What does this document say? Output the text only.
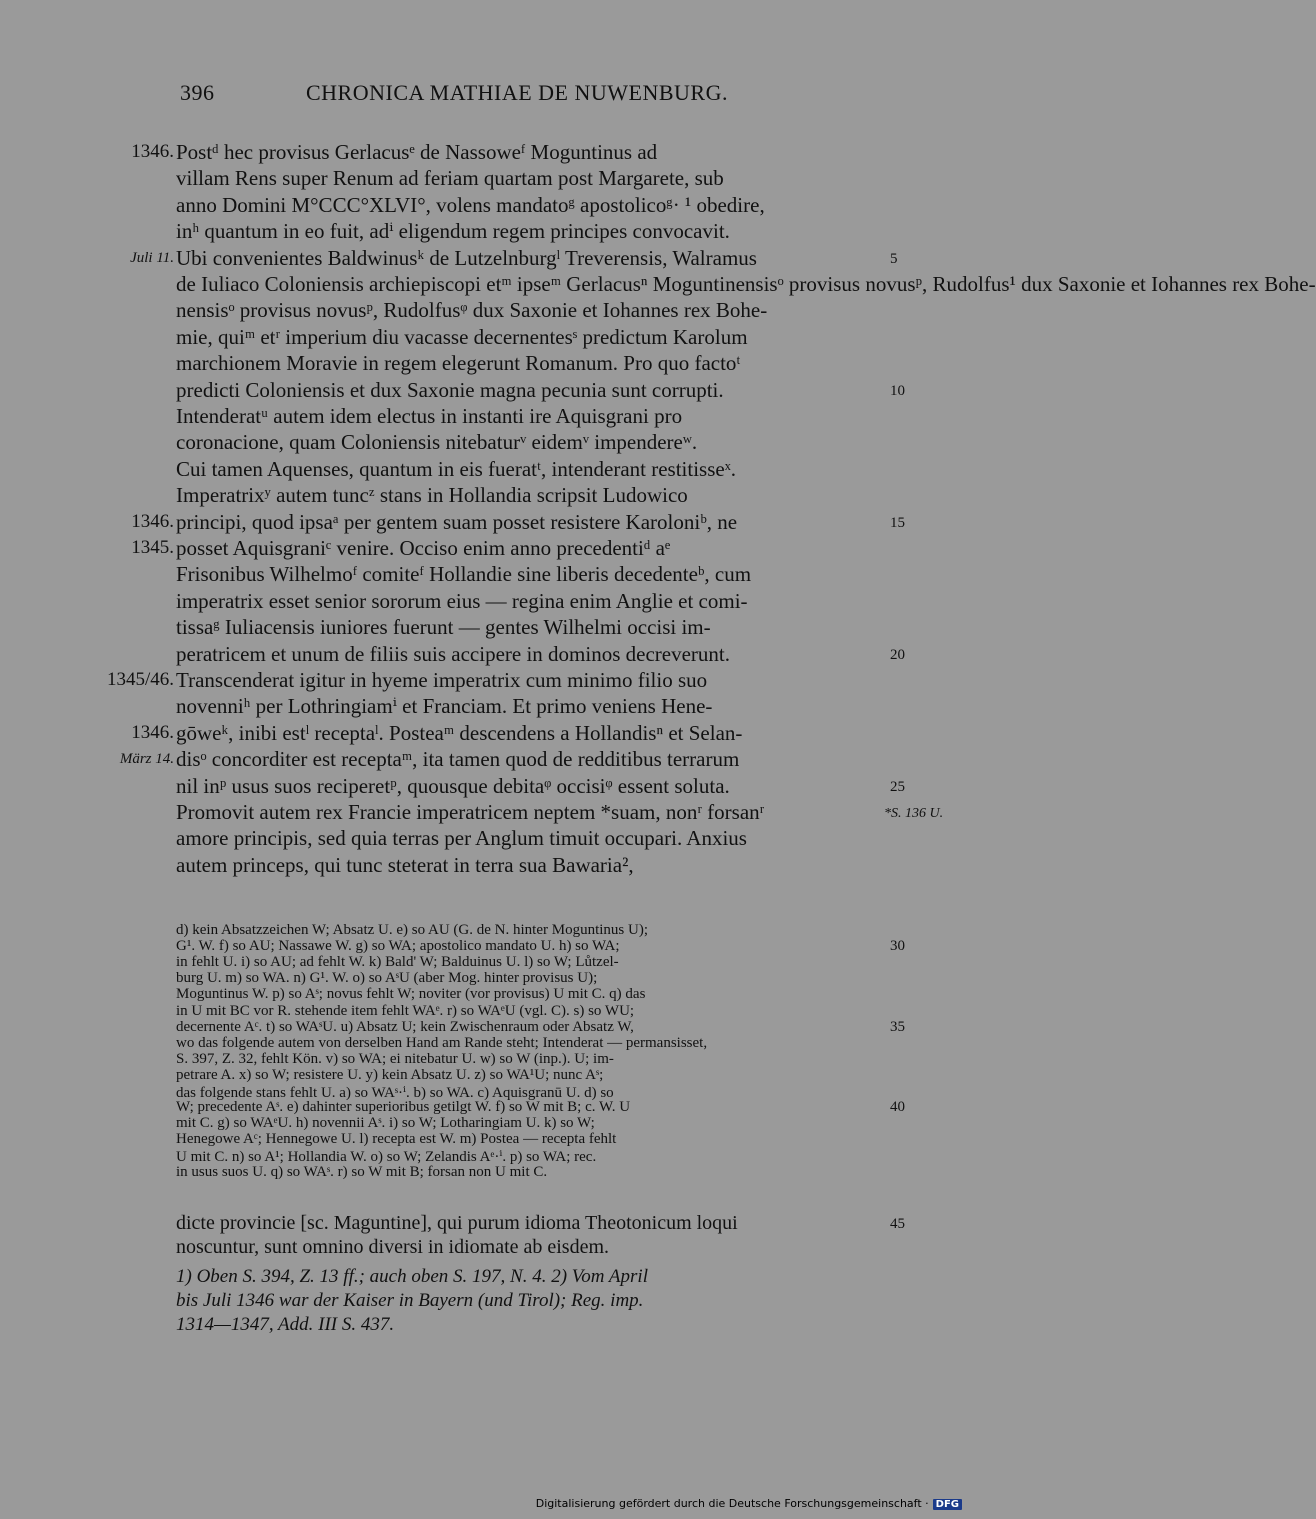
396	CHRONICA MATHIAE DE NUWENBURG.
Postᵈ hec provisus Gerlacusᵉ de Nassoweᶠ Moguntinus ad
villam Rens super Renum ad feriam quartam post Margarete, sub
anno Domini M°CCC°XLVI°, volens mandatoᵍ apostolicoᵍ· ¹ obedire,
inʰ quantum in eo fuit, adⁱ eligendum regem principes convocavit.
Ubi convenientes Baldwinusᵏ de Lutzelnburgˡ Treverensis, Walramus
de Iuliaco Coloniensis archiepiscopi etᵐ ipseᵐ Gerlacusⁿ Moguntinensisᵒ provisus novusᵖ, Rudolfus¹ dux Saxonie et Iohannes rex Bohe-
nensisᵒ provisus novusᵖ, Rudolfusᵠ dux Saxonie et Iohannes rex Bohe-
mie, quiᵐ etʳ imperium diu vacasse decernentesˢ predictum Karolum
marchionem Moravie in regem elegerunt Romanum. Pro quo factoᵗ
predicti Coloniensis et dux Saxonie magna pecunia sunt corrupti.
Intenderatᵘ autem idem electus in instanti ire Aquisgrani pro
coronacione, quam Coloniensis nitebaturᵛ eidemᵛ impendereʷ.
Cui tamen Aquenses, quantum in eis fueratᵗ, intenderant restitisseˣ.
Imperatrixʸ autem tuncᶻ stans in Hollandia scripsit Ludowico
principi, quod ipsaᵃ per gentem suam posset resistere Karoloniᵇ, ne
posset Aquisgraniᶜ venire. Occiso enim anno precedentiᵈ aᵉ
Frisonibus Wilhelmoᶠ comiteᶠ Hollandie sine liberis decedenteᵇ, cum
imperatrix esset senior sororum eius — regina enim Anglie et comi-
tissaᵍ Iuliacensis iuniores fuerunt — gentes Wilhelmi occisi im-
peratricem et unum de filiis suis accipere in dominos decreverunt.
Transcenderat igitur in hyeme imperatrix cum minimo filio suo
novenniʰ per Lothringiamⁱ et Franciam. Et primo veniens Hene-
gōweᵏ, inibi estˡ receptaˡ. Posteaᵐ descendens a Hollandisⁿ et Selan-
disᵒ concorditer est receptaᵐ, ita tamen quod de redditibus terrarum
nil inᵖ usus suos reciperetᵖ, quousque debitaᵠ occisiᵠ essent soluta.
Promovit autem rex Francie imperatricem neptem *suam, nonʳ forsanʳ
amore principis, sed quia terras per Anglum timuit occupari. Anxius
autem princeps, qui tunc steterat in terra sua Bawaria²,
1346.
1346.
1345.
1345/46.
1346.
Juli 11.
März 14.
5
10
15
20
25
*S. 136 U.
30
35
40
45
d) kein Absatzzeichen W; Absatz U. e) so AU (G. de N. hinter Moguntinus U);
G¹. W. f) so AU; Nassawe W. g) so WA; apostolico mandato U. h) so WA;
in fehlt U. i) so AU; ad fehlt W. k) Bald' W; Balduinus U. l) so W; Lůtzel-
burg U. m) so WA. n) G¹. W. o) so AˢU (aber Mog. hinter provisus U);
Moguntinus W. p) so Aˢ; novus fehlt W; noviter (vor provisus) U mit C. q) das
in U mit BC vor R. stehende item fehlt WAᵉ. r) so WAᵉU (vgl. C). s) so WU;
decernente Aᶜ. t) so WAˢU. u) Absatz U; kein Zwischenraum oder Absatz W,
wo das folgende autem von derselben Hand am Rande steht; Intenderat — permansisset,
S. 397, Z. 32, fehlt Kön. v) so WA; ei nitebatur U. w) so W (inp.). U; im-
petrare A. x) so W; resistere U. y) kein Absatz U. z) so WA¹U; nunc Aˢ;
das folgende stans fehlt U. a) so WAˢ·ⁱ. b) so WA. c) Aquisgranū U. d) so
W; precedente Aˢ. e) dahinter superioribus getilgt W. f) so W mit B; c. W. U
mit C. g) so WAᵉU. h) novennii Aˢ. i) so W; Lotharingiam U. k) so W;
Henegowe Aᶜ; Hennegowe U. l) recepta est W. m) Postea — recepta fehlt
U mit C. n) so A¹; Hollandia W. o) so W; Zelandis Aᵉ·ⁱ. p) so WA; rec.
in usus suos U. q) so WAˢ. r) so W mit B; forsan non U mit C.
dicte provincie [sc. Maguntine], qui purum idioma Theotonicum loqui
noscuntur, sunt omnino diversi in idiomate ab eisdem.
1) Oben S. 394, Z. 13 ff.; auch oben S. 197, N. 4. 2) Vom April
bis Juli 1346 war der Kaiser in Bayern (und Tirol); Reg. imp.
1314—1347, Add. III S. 437.
Digitalisierung gefördert durch die Deutsche Forschungsgemeinschaft · DFG
